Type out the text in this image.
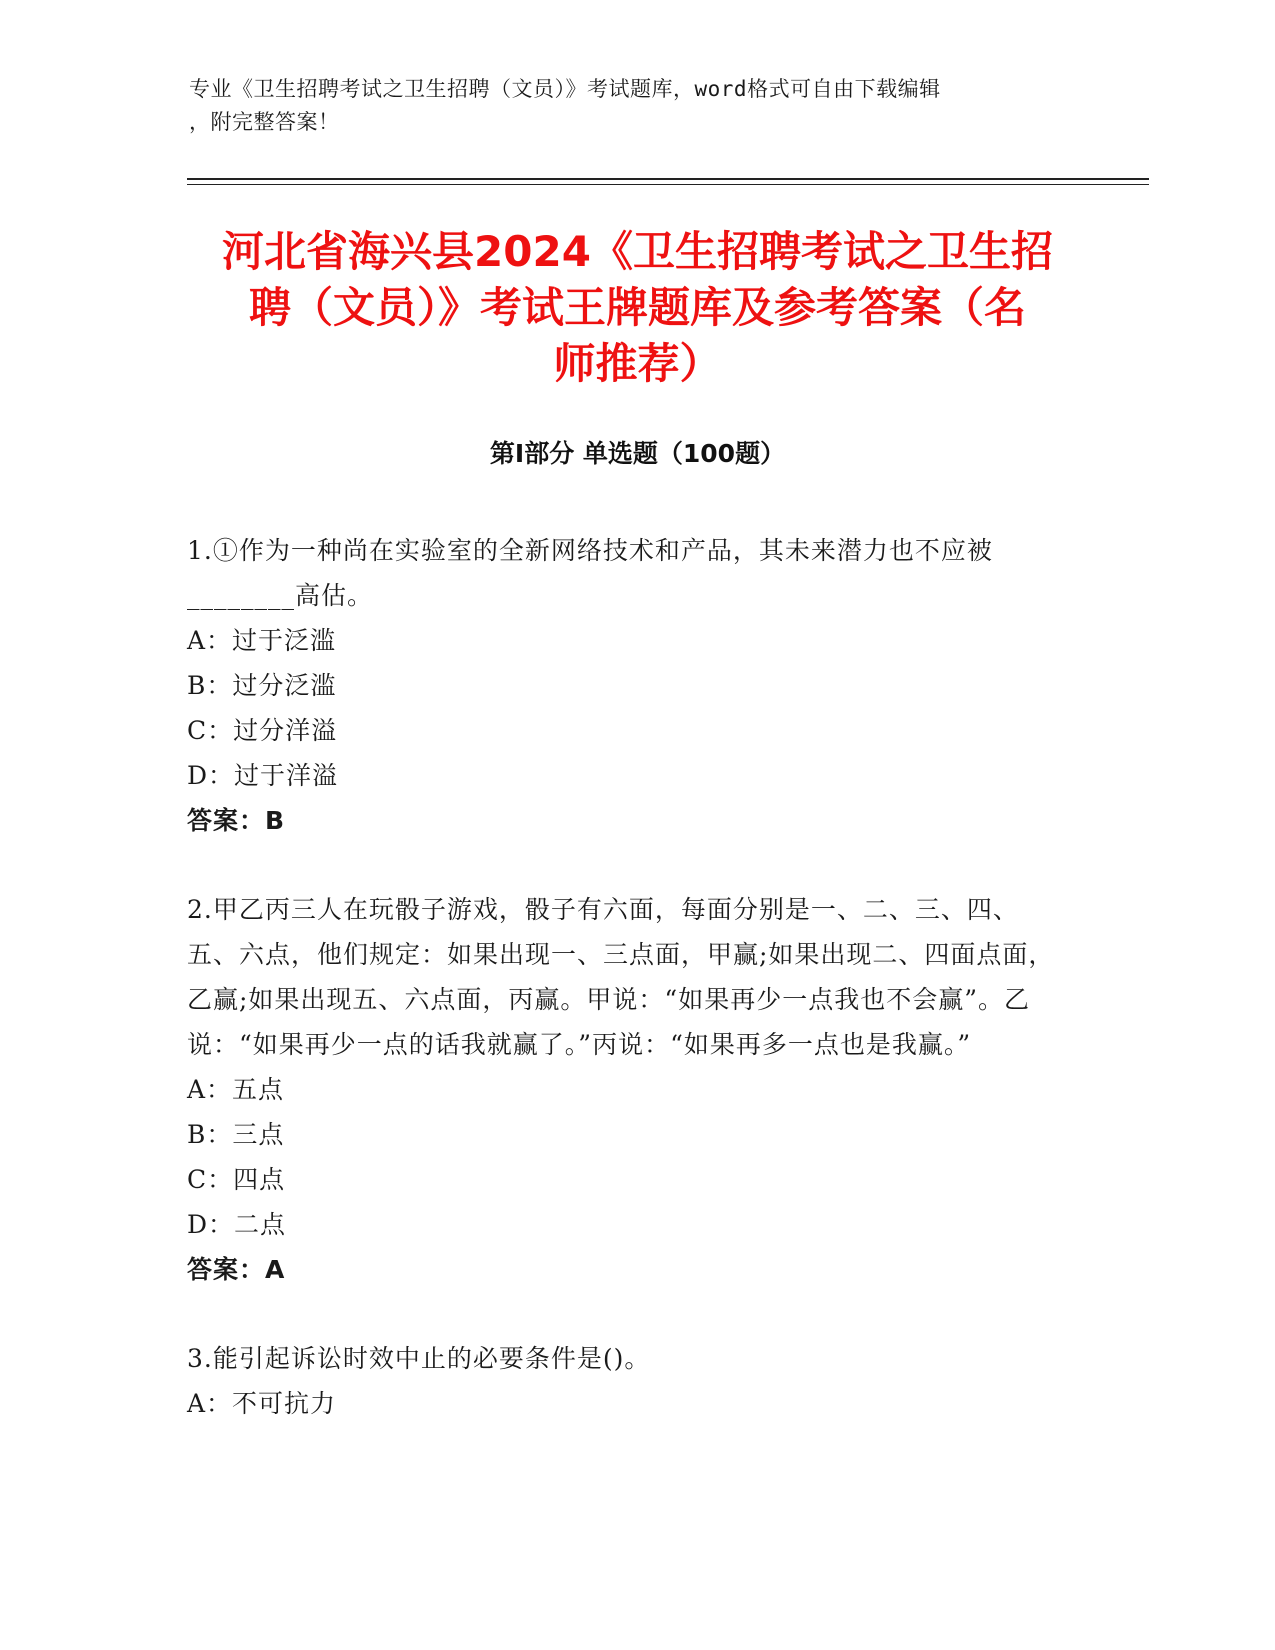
专业《卫生招聘考试之卫生招聘（文员）》考试题库，word格式可自由下载编辑
，附完整答案！
河北省海兴县2024《卫生招聘考试之卫生招
聘（文员）》考试王牌题库及参考答案（名
师推荐）
第I部分 单选题（100题）

1.①作为一种尚在实验室的全新网络技术和产品，其未来潜力也不应被________高估。

A：过于泛滥

B：过分泛滥

C：过分洋溢

D：过于洋溢

答案：B

2.甲乙丙三人在玩骰子游戏，骰子有六面，每面分别是一、二、三、四、五、六点，他们规定：如果出现一、三点面，甲赢;如果出现二、四面点面，乙赢;如果出现五、六点面，丙赢。甲说：“如果再少一点我也不会赢”。乙说：“如果再少一点的话我就赢了。”丙说：“如果再多一点也是我赢。”

A：五点

B：三点

C：四点

D：二点

答案：A

3.能引起诉讼时效中止的必要条件是()。

A：不可抗力
